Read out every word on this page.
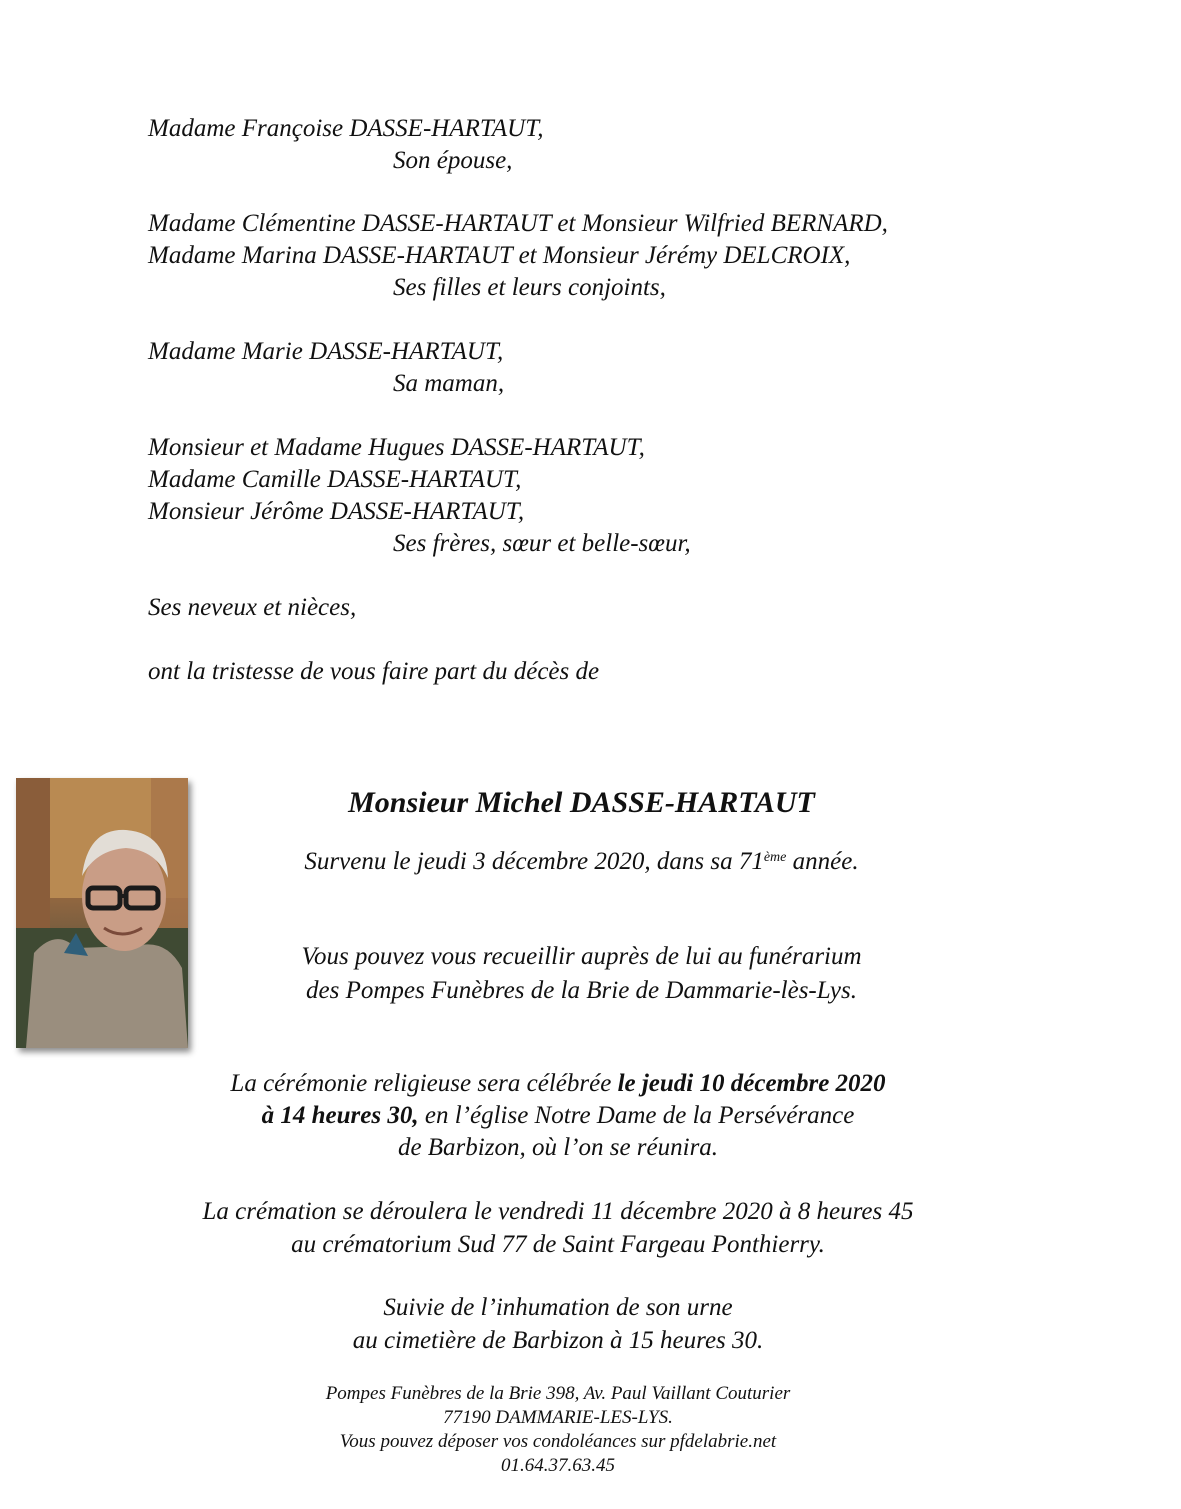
Madame Françoise DASSE-HARTAUT,
Son épouse,
Madame Clémentine DASSE-HARTAUT et Monsieur Wilfried BERNARD,
Madame Marina DASSE-HARTAUT et Monsieur Jérémy DELCROIX,
Ses filles et leurs conjoints,
Madame Marie DASSE-HARTAUT,
Sa maman,
Monsieur et Madame Hugues DASSE-HARTAUT,
Madame Camille DASSE-HARTAUT,
Monsieur Jérôme DASSE-HARTAUT,
Ses frères, sœur et belle-sœur,
Ses neveux et nièces,
ont la tristesse de vous faire part du décès de
Monsieur Michel DASSE-HARTAUT
Survenu le jeudi 3 décembre 2020, dans sa 71ème année.
Vous pouvez vous recueillir auprès de lui au funérarium
des Pompes Funèbres de la Brie de Dammarie-lès-Lys.
La cérémonie religieuse sera célébrée le jeudi 10 décembre 2020
à 14 heures 30, en l’église Notre Dame de la Persévérance
de Barbizon, où l’on se réunira.
La crémation se déroulera le vendredi 11 décembre 2020 à 8 heures 45
au crématorium Sud 77 de Saint Fargeau Ponthierry.
Suivie de l’inhumation de son urne
au cimetière de Barbizon à 15 heures 30.
Pompes Funèbres de la Brie 398, Av. Paul Vaillant Couturier
77190 DAMMARIE-LES-LYS.
Vous pouvez déposer vos condoléances sur pfdelabrie.net
01.64.37.63.45
